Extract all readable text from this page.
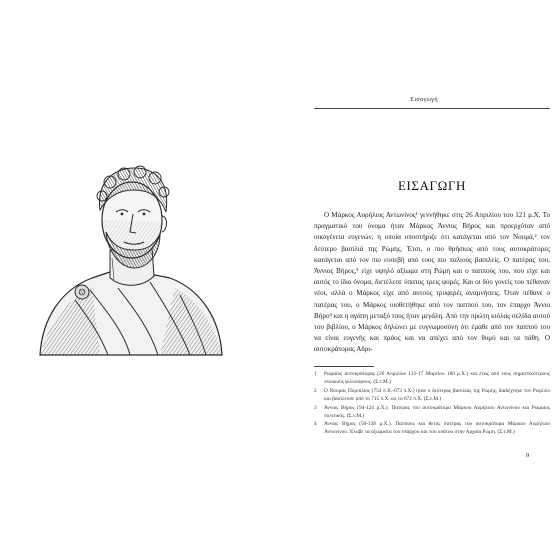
Εισαγωγή
ΕΙΣΑΓΩΓΗ

Ο Μάρκος Αυρήλιος Αντωνίνος¹ γεννήθηκε στις 26 Απριλίου του 121 μ.Χ. Το πραγματικό του όνομα ήταν Μάρκος Άννιος Βήρος και προερχόταν από οικογένεια ευγενών, η οποία υποστήριζε ότι κατάγεται από τον Νουμά,² τον δεύτερο βασιλιά της Ρώμης. Έτσι, ο πιο θρήσκος από τους αυτοκράτορες κατάγεται από τον πιο ευσεβή από τους πιο παλιούς βασιλείς. Ο πατέρας του, Άννιος Βήρος,³ είχε υψηλό αξίωμα στη Ρώμη και ο παππούς του, που είχε και αυτός το ίδιο όνομα, διετέλεσε ύπατος τρεις φορές. Και οι δύο γονείς του πέθαναν νέοι, αλλά ο Μάρκος είχε από αυτούς τρυφερές αναμνήσεις. Όταν πέθανε ο πατέρας του, ο Μάρκος υιοθετήθηκε από τον παππού του, τον έπαρχο Άννιο Βήρο⁴ και η αγάπη μεταξύ τους ήταν μεγάλη. Από την πρώτη κιόλας σελίδα αυτού του βιβλίου, ο Μάρκος δηλώνει με ευγνωμοσύνη ότι έμαθε από τον παππού του να είναι ευγενής και πράος και να απέχει από τον θυμό και τα πάθη. Ο αυτοκράτορας Αδρι-

1 Ρωμαίος αυτοκράτορας (26 Απριλίου 121-17 Μαρτίου 180 μ.Χ.) και ένας από τους σημαντικότερους στωικούς φιλοσόφους. (Σ.τ.Μ.)
2 Ο Νουμάς Πομπίλιος (754 π.Χ.-673 π.Χ.) ήταν ο δεύτερος βασιλιάς της Ρώμης, διαδέχτηκε τον Ρωμύλο και βασίλευσε από το 715 π.Χ. ως το 672 π.Χ. (Σ.τ.Μ.)
3 Άννιος Βήρος (94-124 μ.Χ.). Πατέρας του αυτοκράτορα Μάρκου Αυρήλιου Αντωνίνου και Ρωμαίος πολιτικός. (Σ.τ.Μ.)
4 Άννιος Βήρος (50-138 μ.Χ.). Παππούς και θετός πατέρας του αυτοκράτορα Μάρκου Αυρήλιου Αντωνίνου. Έλαβε τα αξιώματα του επάρχου και του υπάτου στην Αρχαία Ρώμη. (Σ.τ.Μ.)
9
